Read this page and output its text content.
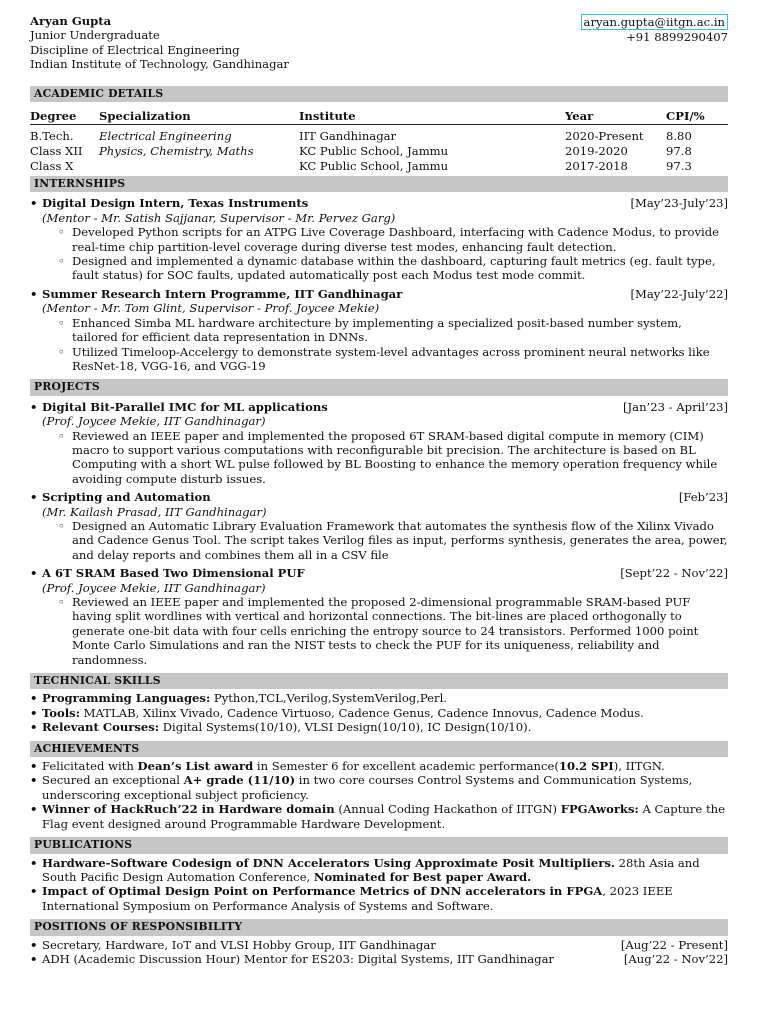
Aryan Gupta
Junior Undergraduate
Discipline of Electrical Engineering
Indian Institute of Technology, Gandhinagar
aryan.gupta@iitgn.ac.in
+91 8899290407
ACADEMIC DETAILS
Degree	Specialization	Institute	Year	CPI/%

B.Tech.	Electrical Engineering	IIT Gandhinagar	2020-Present	8.80
Class XII	Physics, Chemistry, Maths	KC Public School, Jammu	2019-2020	97.8
Class X		KC Public School, Jammu	2017-2018	97.3
INTERNSHIPS
• Digital Design Intern, Texas Instruments	[May’23-July’23]
(Mentor - Mr. Satish Sajjanar, Supervisor - Mr. Pervez Garg)
◦ Developed Python scripts for an ATPG Live Coverage Dashboard, interfacing with Cadence Modus, to provide real-time chip partition-level coverage during diverse test modes, enhancing fault detection.
◦ Designed and implemented a dynamic database within the dashboard, capturing fault metrics (eg. fault type, fault status) for SOC faults, updated automatically post each Modus test mode commit.
• Summer Research Intern Programme, IIT Gandhinagar	[May’22-July’22]
(Mentor - Mr. Tom Glint, Supervisor - Prof. Joycee Mekie)
◦ Enhanced Simba ML hardware architecture by implementing a specialized posit-based number system, tailored for efficient data representation in DNNs.
◦ Utilized Timeloop-Accelergy to demonstrate system-level advantages across prominent neural networks like ResNet-18, VGG-16, and VGG-19
PROJECTS
• Digital Bit-Parallel IMC for ML applications	[Jan’23 - April’23]
(Prof. Joycee Mekie, IIT Gandhinagar)
◦ Reviewed an IEEE paper and implemented the proposed 6T SRAM-based digital compute in memory (CIM) macro to support various computations with reconfigurable bit precision. The architecture is based on BL Computing with a short WL pulse followed by BL Boosting to enhance the memory operation frequency while avoiding compute disturb issues.
• Scripting and Automation	[Feb’23]
(Mr. Kailash Prasad, IIT Gandhinagar)
◦ Designed an Automatic Library Evaluation Framework that automates the synthesis flow of the Xilinx Vivado and Cadence Genus Tool. The script takes Verilog files as input, performs synthesis, generates the area, power, and delay reports and combines them all in a CSV file
• A 6T SRAM Based Two Dimensional PUF	[Sept’22 - Nov’22]
(Prof. Joycee Mekie, IIT Gandhinagar)
◦ Reviewed an IEEE paper and implemented the proposed 2-dimensional programmable SRAM-based PUF having split wordlines with vertical and horizontal connections. The bit-lines are placed orthogonally to generate one-bit data with four cells enriching the entropy source to 24 transistors. Performed 1000 point Monte Carlo Simulations and ran the NIST tests to check the PUF for its uniqueness, reliability and randomness.
TECHNICAL SKILLS
• Programming Languages: Python,TCL,Verilog,SystemVerilog,Perl.
• Tools: MATLAB, Xilinx Vivado, Cadence Virtuoso, Cadence Genus, Cadence Innovus, Cadence Modus.
• Relevant Courses: Digital Systems(10/10), VLSI Design(10/10), IC Design(10/10).
ACHIEVEMENTS
• Felicitated with Dean’s List award in Semester 6 for excellent academic performance(10.2 SPI), IITGN.
• Secured an exceptional A+ grade (11/10) in two core courses Control Systems and Communication Systems, underscoring exceptional subject proficiency.
• Winner of HackRuch’22 in Hardware domain (Annual Coding Hackathon of IITGN) FPGAworks: A Capture the Flag event designed around Programmable Hardware Development.
PUBLICATIONS
• Hardware-Software Codesign of DNN Accelerators Using Approximate Posit Multipliers. 28th Asia and South Pacific Design Automation Conference, Nominated for Best paper Award.
• Impact of Optimal Design Point on Performance Metrics of DNN accelerators in FPGA, 2023 IEEE International Symposium on Performance Analysis of Systems and Software.
POSITIONS OF RESPONSIBILITY
• Secretary, Hardware, IoT and VLSI Hobby Group, IIT Gandhinagar	[Aug’22 - Present]
• ADH (Academic Discussion Hour) Mentor for ES203: Digital Systems, IIT Gandhinagar	[Aug’22 - Nov’22]
